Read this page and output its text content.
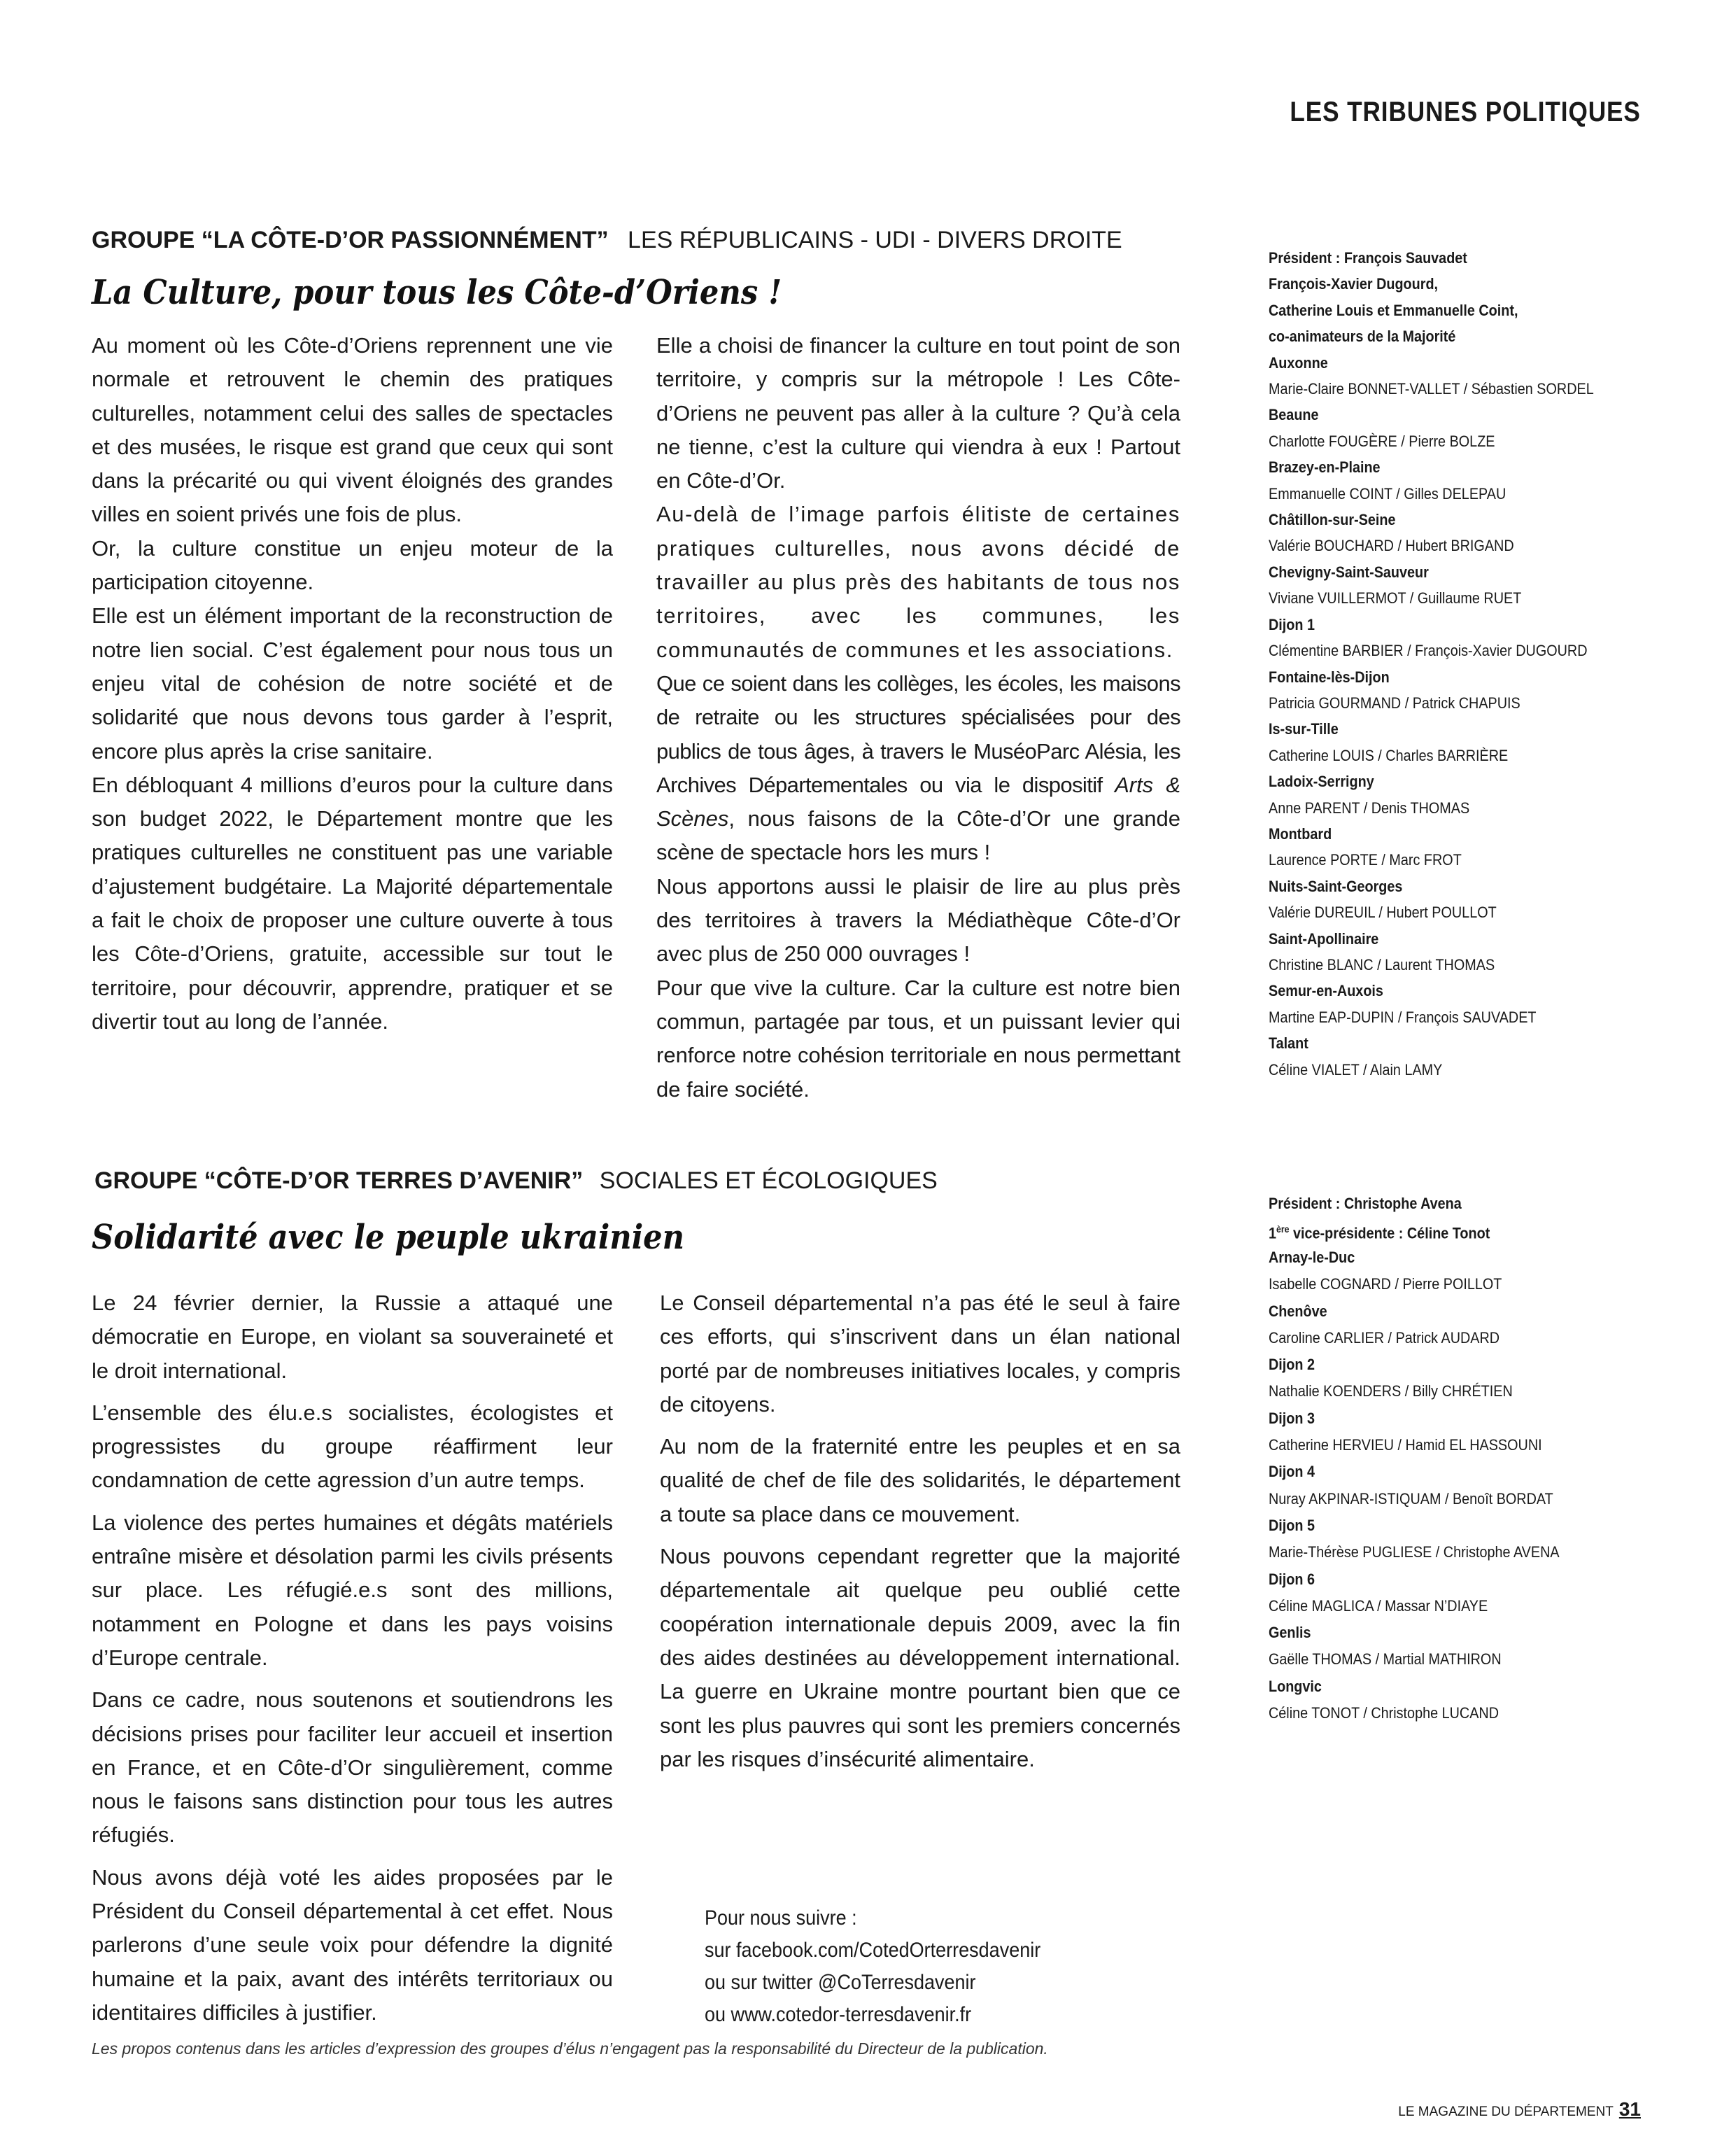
LES TRIBUNES POLITIQUES
GROUPE “LA CÔTE-D’OR PASSIONNÉMENT” LES RÉPUBLICAINS - UDI - DIVERS DROITE
La Culture, pour tous les Côte-d’Oriens !

Au moment où les Côte-d’Oriens reprennent une vie normale et retrouvent le chemin des pratiques culturelles, notamment celui des salles de spectacles et des musées, le risque est grand que ceux qui sont dans la précarité ou qui vivent éloignés des grandes villes en soient privés une fois de plus.

Or, la culture constitue un enjeu moteur de la participation citoyenne.

Elle est un élément important de la reconstruction de notre lien social. C’est également pour nous tous un enjeu vital de cohésion de notre société et de solidarité que nous devons tous garder à l’esprit, encore plus après la crise sanitaire.

En débloquant 4 millions d’euros pour la culture dans son budget 2022, le Département montre que les pratiques culturelles ne constituent pas une variable d’ajustement budgétaire. La Majorité départementale a fait le choix de proposer une culture ouverte à tous les Côte-d’Oriens, gratuite, accessible sur tout le territoire, pour découvrir, apprendre, pratiquer et se divertir tout au long de l’année.

Elle a choisi de financer la culture en tout point de son territoire, y compris sur la métropole ! Les Côte-d’Oriens ne peuvent pas aller à la culture ? Qu’à cela ne tienne, c’est la culture qui viendra à eux ! Partout en Côte-d’Or.

Au-delà de l’image parfois élitiste de certaines pratiques culturelles, nous avons décidé de travailler au plus près des habitants de tous nos territoires, avec les communes, les communautés de communes et les associations.

Que ce soient dans les collèges, les écoles, les maisons de retraite ou les structures spécialisées pour des publics de tous âges, à travers le MuséoParc Alésia, les Archives Départementales ou via le dispositif Arts & Scènes, nous faisons de la Côte-d’Or une grande scène de spectacle hors les murs !

Nous apportons aussi le plaisir de lire au plus près des territoires à travers la Médiathèque Côte-d’Or avec plus de 250 000 ouvrages !

Pour que vive la culture. Car la culture est notre bien commun, partagée par tous, et un puissant levier qui renforce notre cohésion territoriale en nous permettant de faire société.

Président : François Sauvadet
François-Xavier Dugourd,
Catherine Louis et Emmanuelle Coint,
co-animateurs de la Majorité
Auxonne
Marie-Claire BONNET-VALLET / Sébastien SORDEL
Beaune
Charlotte FOUGÈRE / Pierre BOLZE
Brazey-en-Plaine
Emmanuelle COINT / Gilles DELEPAU
Châtillon-sur-Seine
Valérie BOUCHARD / Hubert BRIGAND
Chevigny-Saint-Sauveur
Viviane VUILLERMOT / Guillaume RUET
Dijon 1
Clémentine BARBIER / François-Xavier DUGOURD
Fontaine-lès-Dijon
Patricia GOURMAND / Patrick CHAPUIS
Is-sur-Tille
Catherine LOUIS / Charles BARRIÈRE
Ladoix-Serrigny
Anne PARENT / Denis THOMAS
Montbard
Laurence PORTE / Marc FROT
Nuits-Saint-Georges
Valérie DUREUIL / Hubert POULLOT
Saint-Apollinaire
Christine BLANC / Laurent THOMAS
Semur-en-Auxois
Martine EAP-DUPIN / François SAUVADET
Talant
Céline VIALET / Alain LAMY
GROUPE “CÔTE-D’OR TERRES D’AVENIR” SOCIALES ET ÉCOLOGIQUES
Solidarité avec le peuple ukrainien

Le 24 février dernier, la Russie a attaqué une démocratie en Europe, en violant sa souveraineté et le droit international.

L’ensemble des élu.e.s socialistes, écologistes et progressistes du groupe réaffirment leur condamnation de cette agression d’un autre temps.

La violence des pertes humaines et dégâts matériels entraîne misère et désolation parmi les civils présents sur place. Les réfugié.e.s sont des millions, notamment en Pologne et dans les pays voisins d’Europe centrale.

Dans ce cadre, nous soutenons et soutiendrons les décisions prises pour faciliter leur accueil et insertion en France, et en Côte-d’Or singulièrement, comme nous le faisons sans distinction pour tous les autres réfugiés.

Nous avons déjà voté les aides proposées par le Président du Conseil départemental à cet effet. Nous parlerons d’une seule voix pour défendre la dignité humaine et la paix, avant des intérêts territoriaux ou identitaires difficiles à justifier.

Le Conseil départemental n’a pas été le seul à faire ces efforts, qui s’inscrivent dans un élan national porté par de nombreuses initiatives locales, y compris de citoyens.

Au nom de la fraternité entre les peuples et en sa qualité de chef de file des solidarités, le département a toute sa place dans ce mouvement.

Nous pouvons cependant regretter que la majorité départementale ait quelque peu oublié cette coopération internationale depuis 2009, avec la fin des aides destinées au développement international. La guerre en Ukraine montre pourtant bien que ce sont les plus pauvres qui sont les premiers concernés par les risques d’insécurité alimentaire.

Président : Christophe Avena
1ère vice-présidente : Céline Tonot
Arnay-le-Duc
Isabelle COGNARD / Pierre POILLOT
Chenôve
Caroline CARLIER / Patrick AUDARD
Dijon 2
Nathalie KOENDERS / Billy CHRÉTIEN
Dijon 3
Catherine HERVIEU / Hamid EL HASSOUNI
Dijon 4
Nuray AKPINAR-ISTIQUAM / Benoît BORDAT
Dijon 5
Marie-Thérèse PUGLIESE / Christophe AVENA
Dijon 6
Céline MAGLICA / Massar N’DIAYE
Genlis
Gaëlle THOMAS / Martial MATHIRON
Longvic
Céline TONOT / Christophe LUCAND
Pour nous suivre :
sur facebook.com/CotedOrterresdavenir
ou sur twitter @CoTerresdavenir
ou www.cotedor-terresdavenir.fr
Les propos contenus dans les articles d’expression des groupes d’élus n’engagent pas la responsabilité du Directeur de la publication.
LE MAGAZINE DU DÉPARTEMENT 31
